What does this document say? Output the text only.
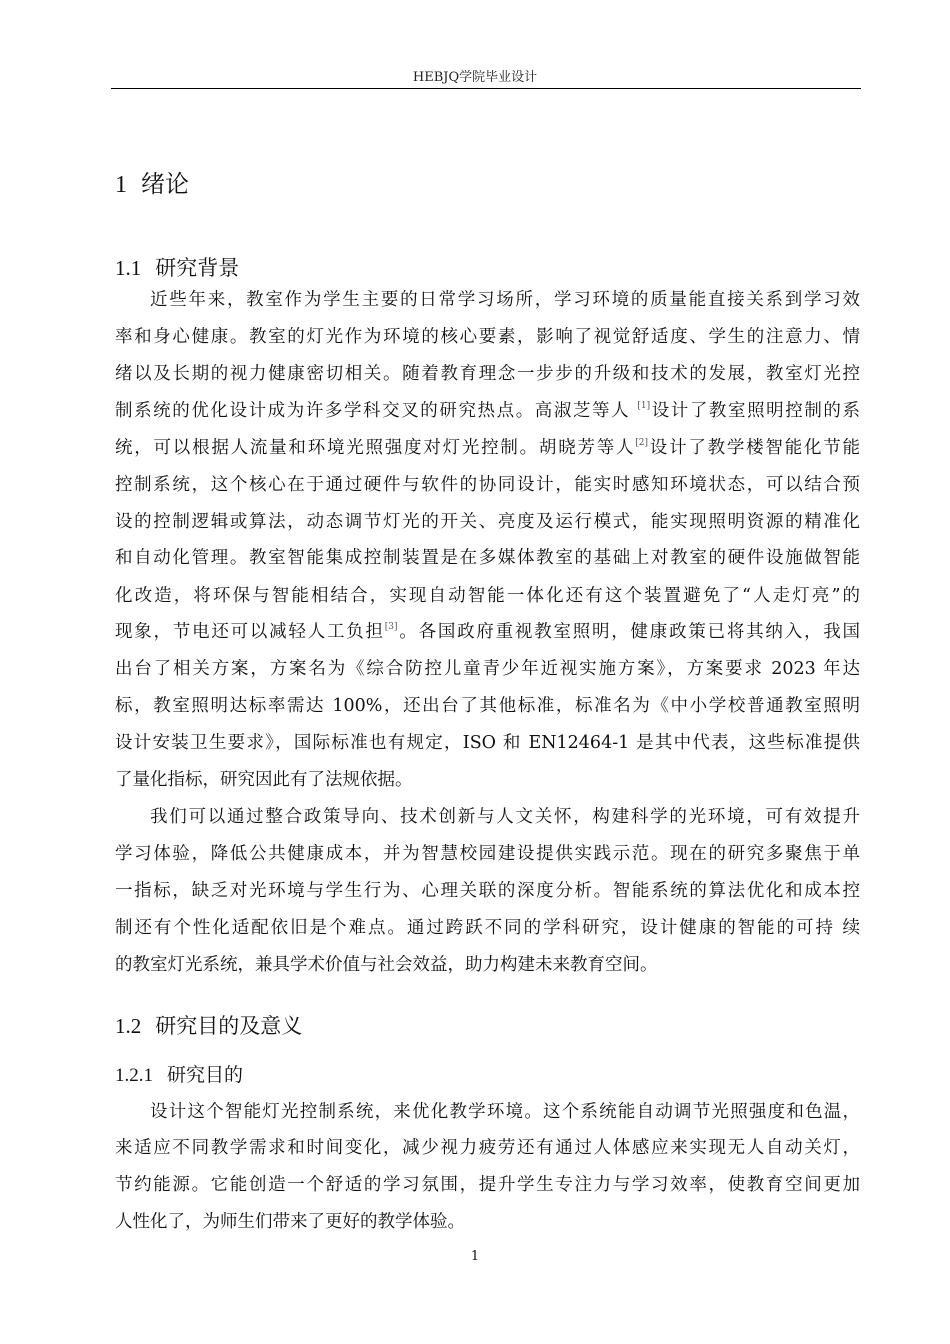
HEBJQ学院毕业设计
1 绪论
1.1 研究背景
近些年来，教室作为学生主要的日常学习场所，学习环境的质量能直接关系到学习效
率和身心健康。教室的灯光作为环境的核心要素，影响了视觉舒适度、学生的注意力、情
绪以及长期的视力健康密切相关。随着教育理念一步步的升级和技术的发展，教室灯光控
制系统的优化设计成为许多学科交叉的研究热点。高淑芝等人 [1]设计了教室照明控制的系
统，可以根据人流量和环境光照强度对灯光控制。胡晓芳等人[2]设计了教学楼智能化节能
控制系统，这个核心在于通过硬件与软件的协同设计，能实时感知环境状态，可以结合预
设的控制逻辑或算法，动态调节灯光的开关、亮度及运行模式，能实现照明资源的精准化
和自动化管理。教室智能集成控制装置是在多媒体教室的基础上对教室的硬件设施做智能
化改造，将环保与智能相结合，实现自动智能一体化还有这个装置避免了“人走灯亮”的
现象，节电还可以减轻人工负担[3]。各国政府重视教室照明，健康政策已将其纳入，我国
出台了相关方案，方案名为《综合防控儿童青少年近视实施方案》，方案要求 2023 年达
标，教室照明达标率需达 100%，还出台了其他标准，标准名为《中小学校普通教室照明
设计安装卫生要求》，国际标准也有规定，ISO 和 EN12464-1 是其中代表，这些标准提供
了量化指标，研究因此有了法规依据。
我们可以通过整合政策导向、技术创新与人文关怀，构建科学的光环境，可有效提升
学习体验，降低公共健康成本，并为智慧校园建设提供实践示范。现在的研究多聚焦于单
一指标，缺乏对光环境与学生行为、心理关联的深度分析。智能系统的算法优化和成本控
制还有个性化适配依旧是个难点。通过跨跃不同的学科研究，设计健康的智能的可持 续
的教室灯光系统，兼具学术价值与社会效益，助力构建未来教育空间。
1.2 研究目的及意义
1.2.1 研究目的
设计这个智能灯光控制系统，来优化教学环境。这个系统能自动调节光照强度和色温，
来适应不同教学需求和时间变化，减少视力疲劳还有通过人体感应来实现无人自动关灯，
节约能源。它能创造一个舒适的学习氛围，提升学生专注力与学习效率，使教育空间更加
人性化了，为师生们带来了更好的教学体验。
1
